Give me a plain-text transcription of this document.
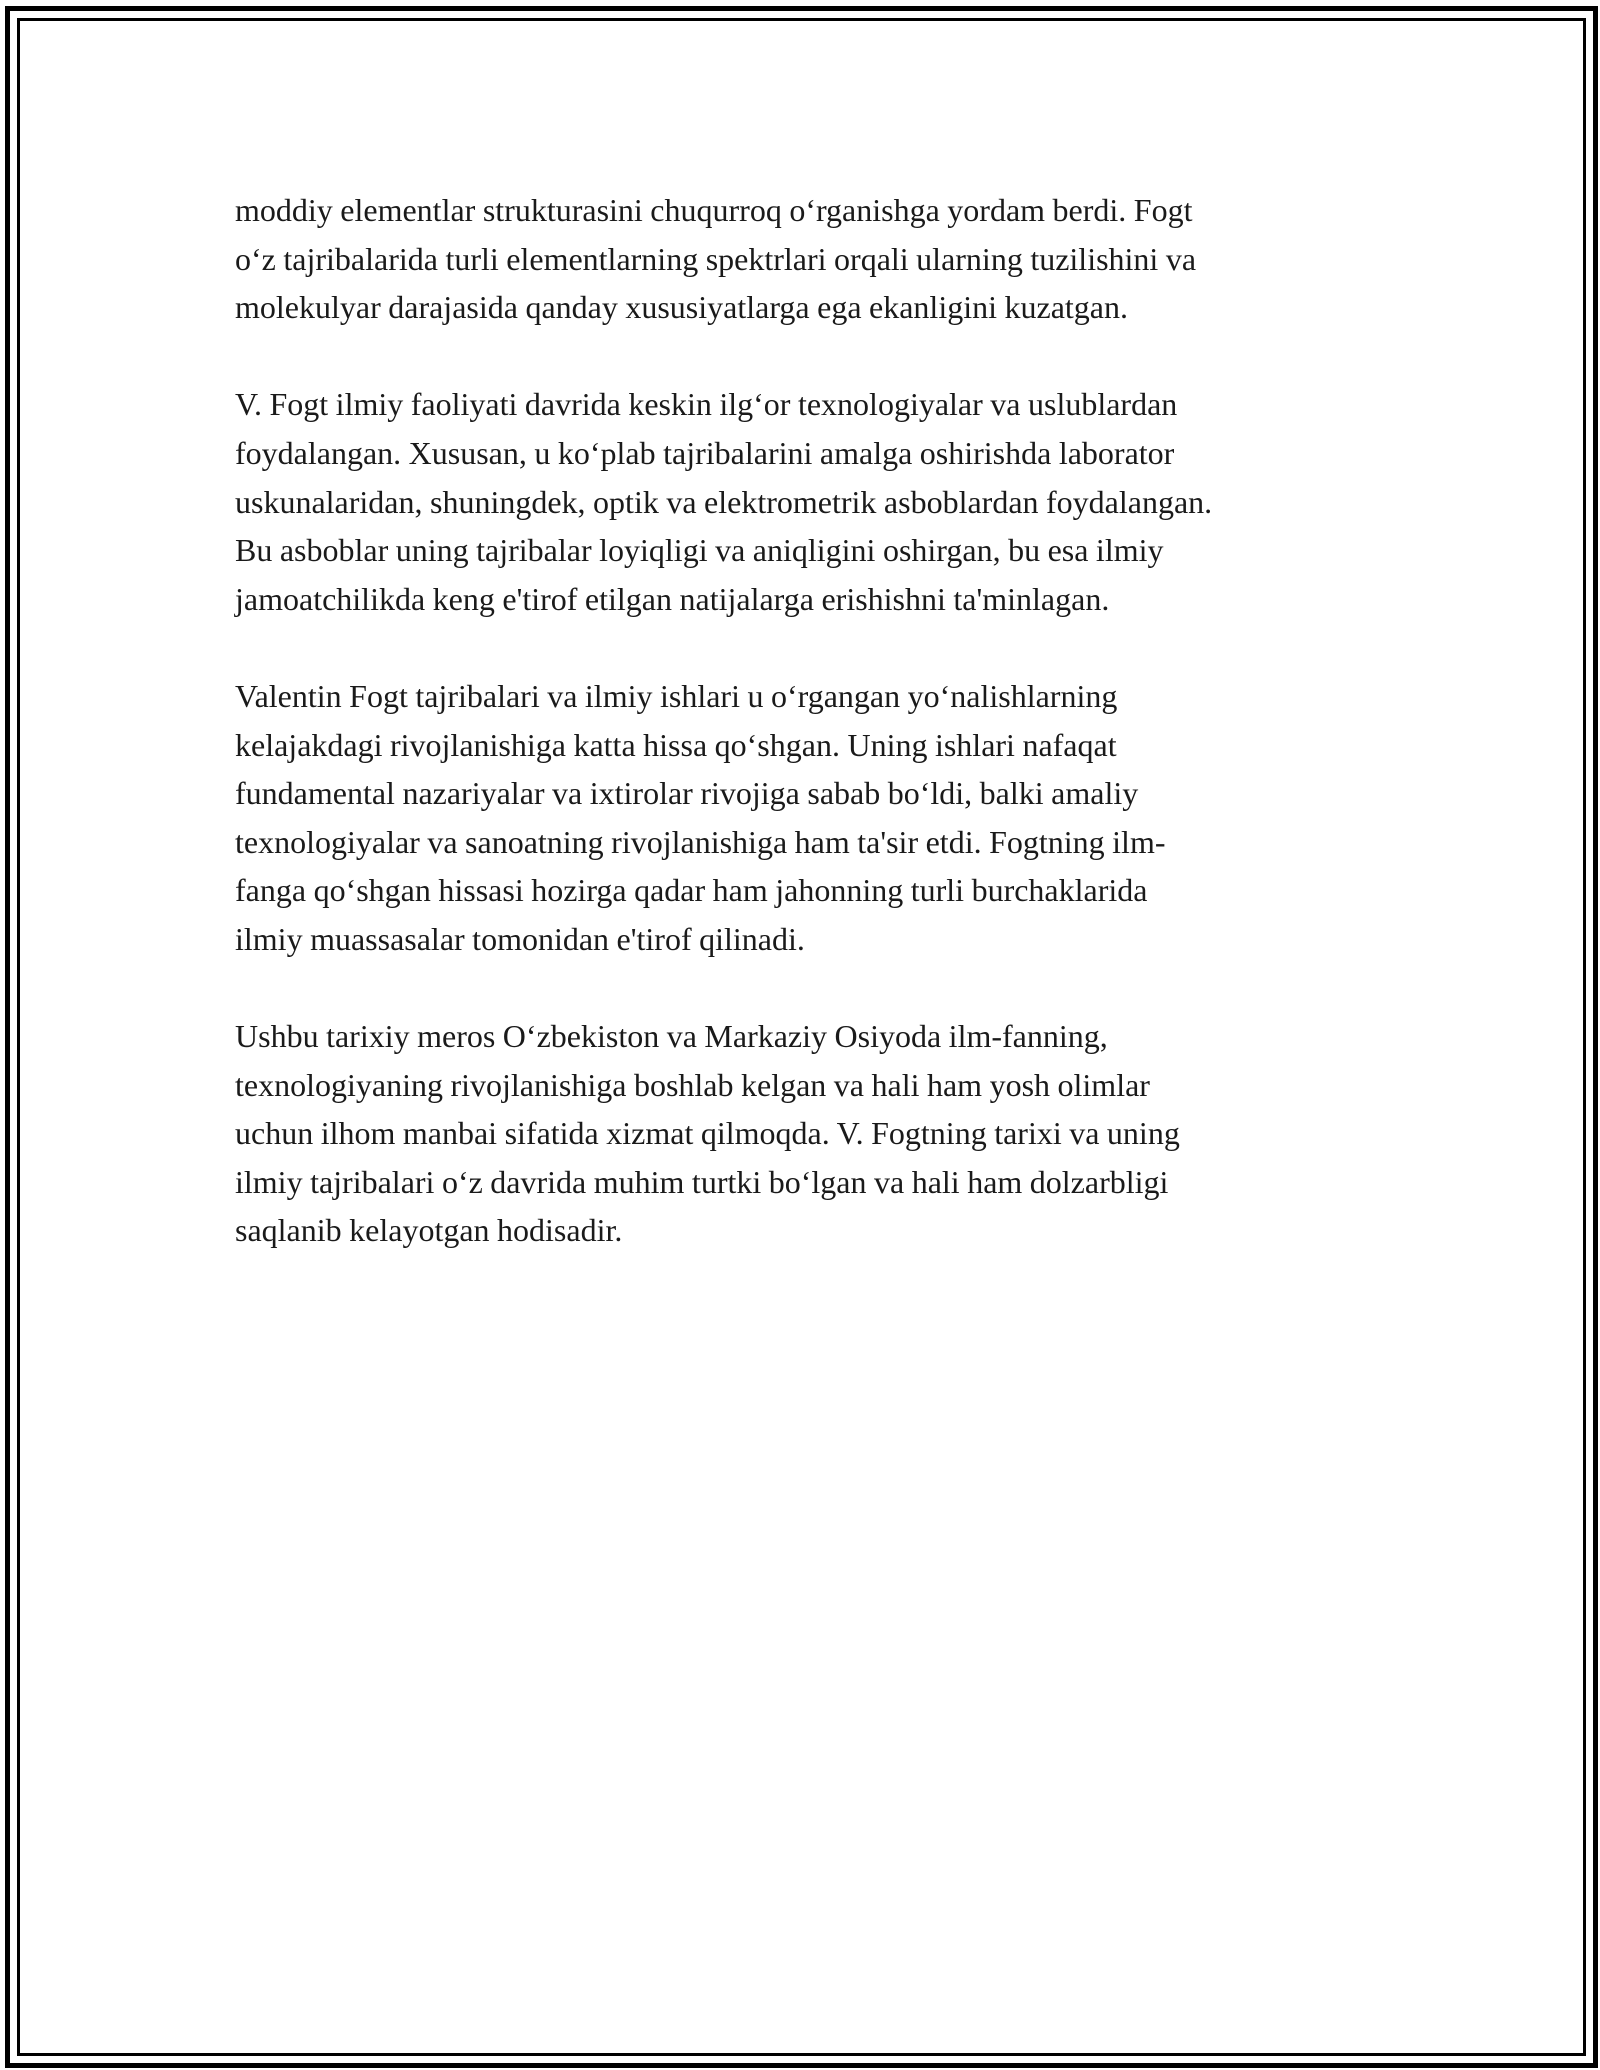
moddiy elementlar strukturasini chuqurroq o‘rganishga yordam berdi. Fogt
o‘z tajribalarida turli elementlarning spektrlari orqali ularning tuzilishini va
molekulyar darajasida qanday xususiyatlarga ega ekanligini kuzatgan.

V. Fogt ilmiy faoliyati davrida keskin ilg‘or texnologiyalar va uslublardan
foydalangan. Xususan, u ko‘plab tajribalarini amalga oshirishda laborator
uskunalaridan, shuningdek, optik va elektrometrik asboblardan foydalangan.
Bu asboblar uning tajribalar loyiqligi va aniqligini oshirgan, bu esa ilmiy
jamoatchilikda keng e'tirof etilgan natijalarga erishishni ta'minlagan.

Valentin Fogt tajribalari va ilmiy ishlari u o‘rgangan yo‘nalishlarning
kelajakdagi rivojlanishiga katta hissa qo‘shgan. Uning ishlari nafaqat
fundamental nazariyalar va ixtirolar rivojiga sabab bo‘ldi, balki amaliy
texnologiyalar va sanoatning rivojlanishiga ham ta'sir etdi. Fogtning ilm-
fanga qo‘shgan hissasi hozirga qadar ham jahonning turli burchaklarida
ilmiy muassasalar tomonidan e'tirof qilinadi.

Ushbu tarixiy meros O‘zbekiston va Markaziy Osiyoda ilm-fanning,
texnologiyaning rivojlanishiga boshlab kelgan va hali ham yosh olimlar
uchun ilhom manbai sifatida xizmat qilmoqda. V. Fogtning tarixi va uning
ilmiy tajribalari o‘z davrida muhim turtki bo‘lgan va hali ham dolzarbligi
saqlanib kelayotgan hodisadir.
